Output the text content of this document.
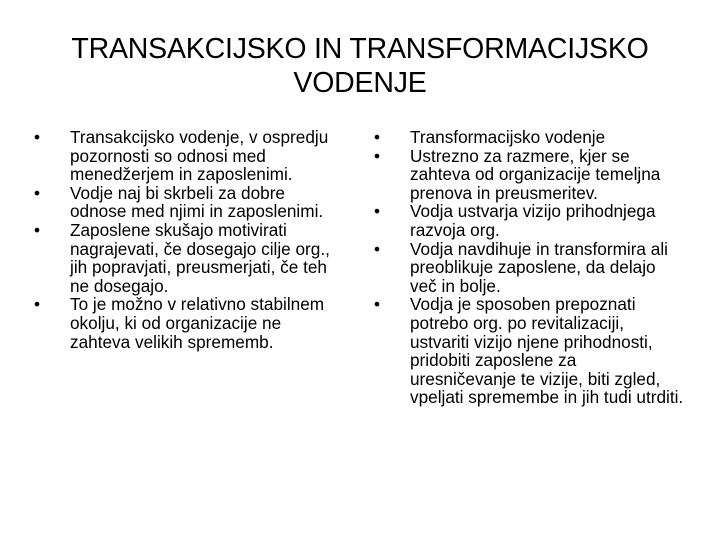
TRANSAKCIJSKO IN TRANSFORMACIJSKO
VODENJE
•	Transakcijsko vodenje, v ospredju pozornosti so odnosi med menedžerjem in zaposlenimi.
•	Vodje naj bi skrbeli za dobre odnose med njimi in zaposlenimi.
•	Zaposlene skušajo motivirati nagrajevati, če dosegajo cilje org., jih popravjati, preusmerjati, če teh ne dosegajo.
•	To je možno v relativno stabilnem okolju, ki od organizacije ne zahteva velikih sprememb.
•	Transformacijsko vodenje
•	Ustrezno za razmere, kjer se zahteva od organizacije temeljna prenova in preusmeritev.
•	Vodja ustvarja vizijo prihodnjega razvoja org.
•	Vodja navdihuje in transformira ali preoblikuje zaposlene, da delajo več in bolje.
•	Vodja je sposoben prepoznati potrebo org. po revitalizaciji, ustvariti vizijo njene prihodnosti, pridobiti zaposlene za uresničevanje te vizije, biti zgled, vpeljati spremembe in jih tudi utrditi.
